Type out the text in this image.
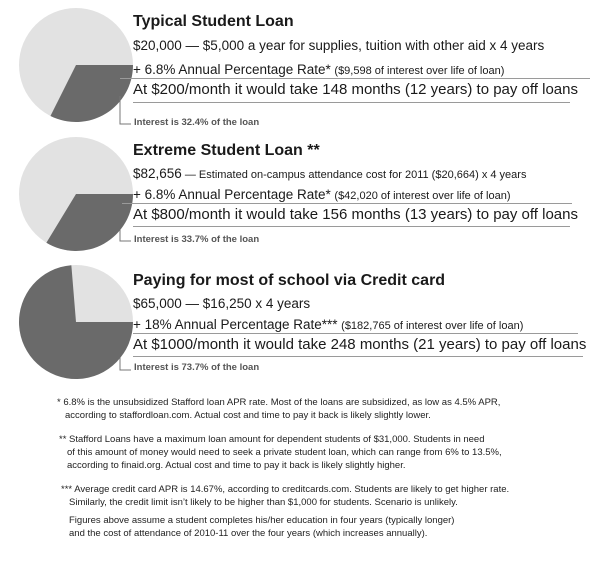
Typical Student Loan
$20,000 — $5,000 a year for supplies, tuition with other aid x 4 years
+ 6.8% Annual Percentage Rate* ($9,598 of interest over life of loan)
At $200/month it would take 148 months (12 years) to pay off loans
Interest is 32.4% of the loan
Extreme Student Loan **
$82,656 — Estimated on-campus attendance cost for 2011 ($20,664) x 4 years
+ 6.8% Annual Percentage Rate* ($42,020 of interest over life of loan)
At $800/month it would take 156 months (13 years) to pay off loans
Interest is 33.7% of the loan
Paying for most of school via Credit card
$65,000 — $16,250 x 4 years
+ 18% Annual Percentage Rate*** ($182,765 of interest over life of loan)
At $1000/month it would take 248 months (21 years) to pay off loans
Interest is 73.7% of the loan
* 6.8% is the unsubsidized Stafford loan APR rate. Most of the loans are subsidized, as low as 4.5% APR,
according to staffordloan.com. Actual cost and time to pay it back is likely slightly lower.
** Stafford Loans have a maximum loan amount for dependent students of $31,000. Students in need
of this amount of money would need to seek a private student loan, which can range from 6% to 13.5%,
according to finaid.org. Actual cost and time to pay it back is likely slightly higher.
*** Average credit card APR is 14.67%, according to creditcards.com. Students are likely to get higher rate.
Similarly, the credit limit isn’t likely to be higher than $1,000 for students. Scenario is unlikely.
Figures above assume a student completes his/her education in four years (typically longer)
and the cost of attendance of 2010-11 over the four years (which increases annually).
